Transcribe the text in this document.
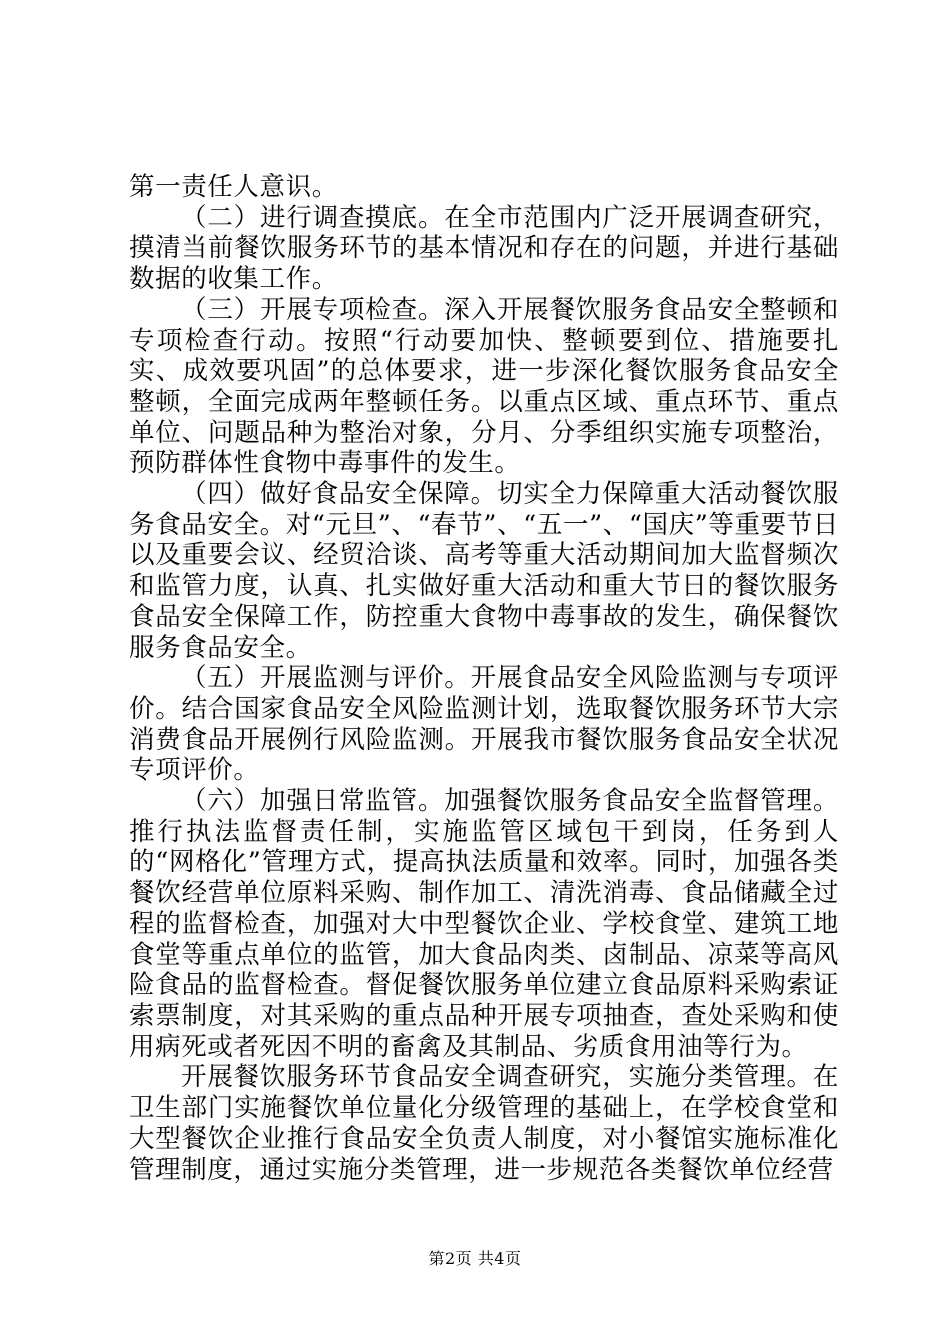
第一责任人意识。

（二）进行调查摸底。在全市范围内广泛开展调查研究，摸清当前餐饮服务环节的基本情况和存在的问题，并进行基础数据的收集工作。

（三）开展专项检查。深入开展餐饮服务食品安全整顿和专项检查行动。按照“行动要加快、整顿要到位、措施要扎实、成效要巩固”的总体要求，进一步深化餐饮服务食品安全整顿，全面完成两年整顿任务。以重点区域、重点环节、重点单位、问题品种为整治对象，分月、分季组织实施专项整治，预防群体性食物中毒事件的发生。

（四）做好食品安全保障。切实全力保障重大活动餐饮服务食品安全。对“元旦”、“春节”、“五一”、“国庆”等重要节日以及重要会议、经贸洽谈、高考等重大活动期间加大监督频次和监管力度，认真、扎实做好重大活动和重大节日的餐饮服务食品安全保障工作，防控重大食物中毒事故的发生，确保餐饮服务食品安全。

（五）开展监测与评价。开展食品安全风险监测与专项评价。结合国家食品安全风险监测计划，选取餐饮服务环节大宗消费食品开展例行风险监测。开展我市餐饮服务食品安全状况专项评价。

（六）加强日常监管。加强餐饮服务食品安全监督管理。推行执法监督责任制，实施监管区域包干到岗，任务到人的“网格化”管理方式，提高执法质量和效率。同时，加强各类餐饮经营单位原料采购、制作加工、清洗消毒、食品储藏全过程的监督检查，加强对大中型餐饮企业、学校食堂、建筑工地食堂等重点单位的监管，加大食品肉类、卤制品、凉菜等高风险食品的监督检查。督促餐饮服务单位建立食品原料采购索证索票制度，对其采购的重点品种开展专项抽查，查处采购和使用病死或者死因不明的畜禽及其制品、劣质食用油等行为。

开展餐饮服务环节食品安全调查研究，实施分类管理。在卫生部门实施餐饮单位量化分级管理的基础上，在学校食堂和大型餐饮企业推行食品安全负责人制度，对小餐馆实施标准化管理制度，通过实施分类管理，进一步规范各类餐饮单位经营

第2页 共4页
